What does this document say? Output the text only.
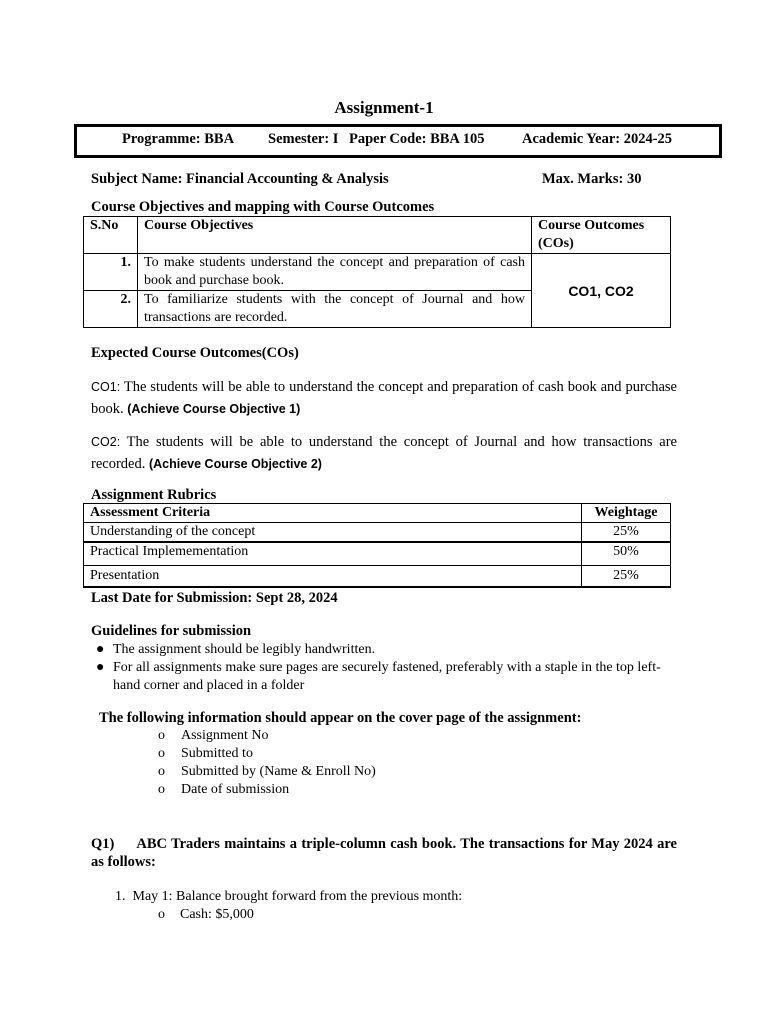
Assignment-1
Programme: BBA Semester: I Paper Code: BBA 105	Academic Year: 2024-25
Subject Name: Financial Accounting & Analysis	Max. Marks: 30
Course Objectives and mapping with Course Outcomes
S.No	Course Objectives	Course Outcomes (COs)
1.	To make students understand the concept and preparation of cash book and purchase book.	CO1, CO2
2.	To familiarize students with the concept of Journal and how transactions are recorded.	
Expected Course Outcomes(COs)
CO1: The students will be able to understand the concept and preparation of cash book and purchase book. (Achieve Course Objective 1)
CO2: The students will be able to understand the concept of Journal and how transactions are recorded. (Achieve Course Objective 2)
Assignment Rubrics
Assessment Criteria	Weightage
Understanding of the concept	25%
Practical Implemementation	50%
Presentation	25%
Last Date for Submission: Sept 28, 2024
Guidelines for submission
● The assignment should be legibly handwritten.
● For all assignments make sure pages are securely fastened, preferably with a staple in the top left-hand corner and placed in a folder
The following information should appear on the cover page of the assignment:
o Assignment No
o Submitted to
o Submitted by (Name & Enroll No)
o Date of submission
Q1) ABC Traders maintains a triple-column cash book. The transactions for May 2024 are as follows:
1. May 1: Balance brought forward from the previous month:
o Cash: $5,000
